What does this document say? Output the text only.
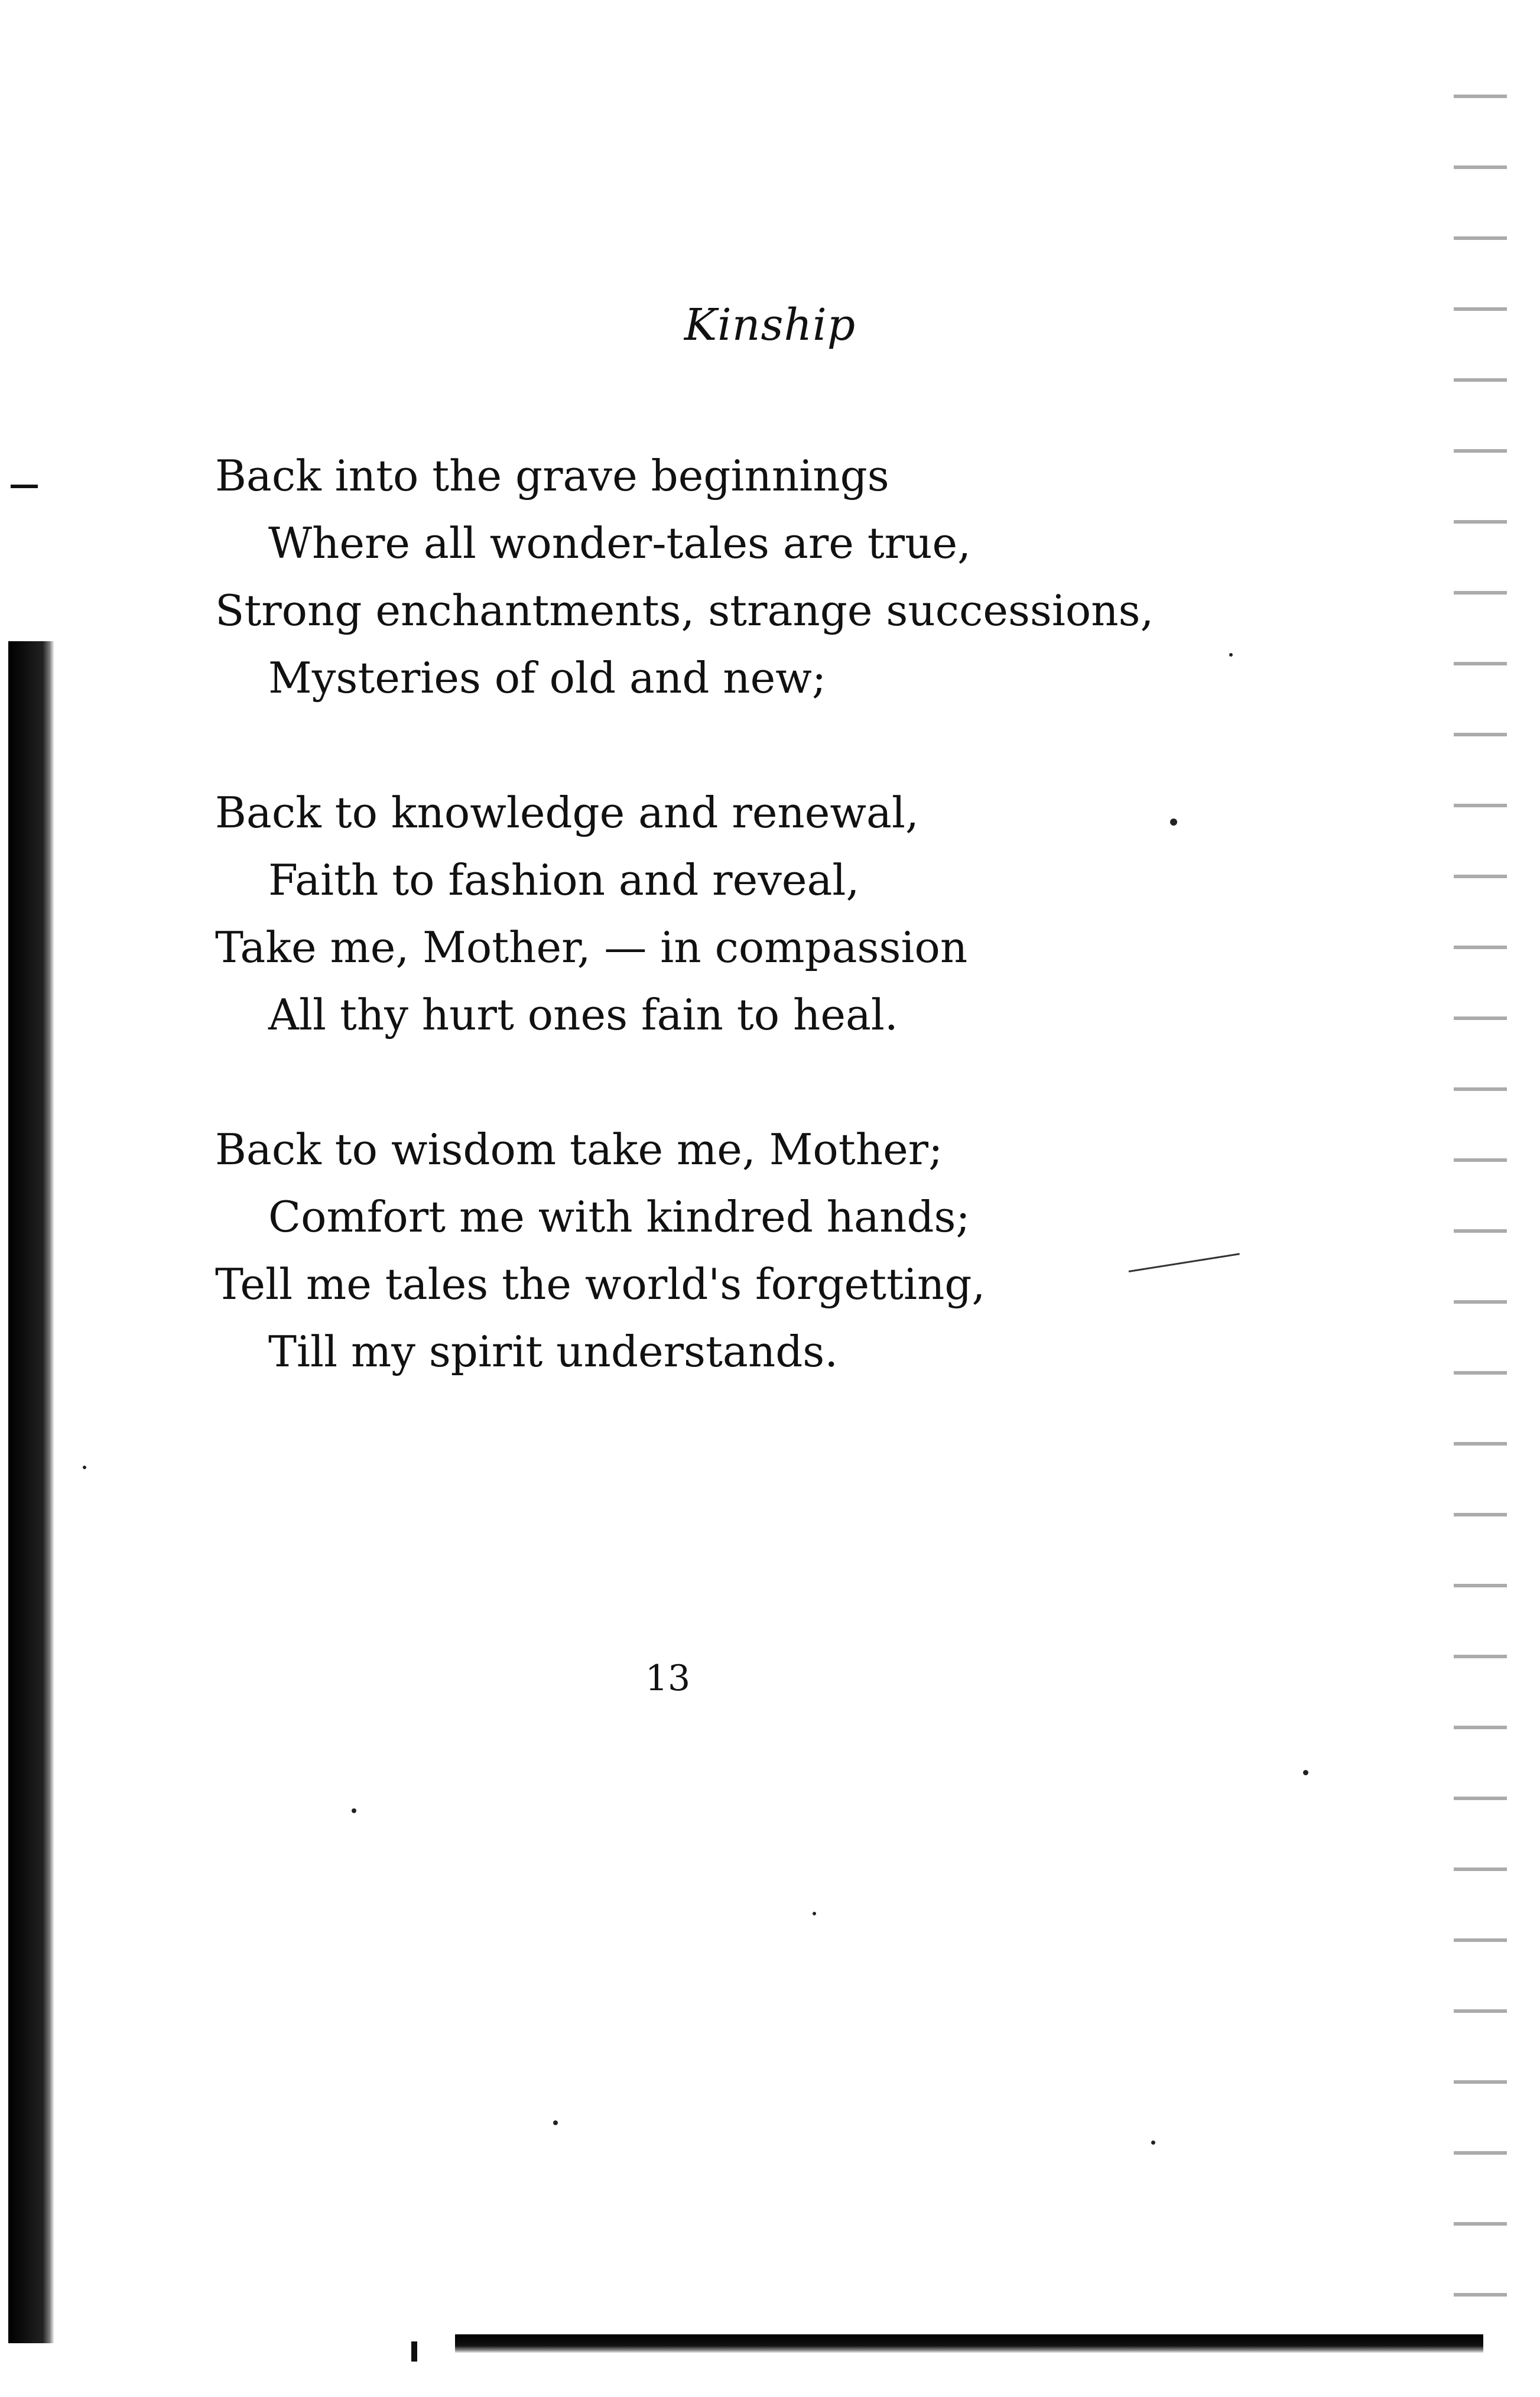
Kinship
Back into the grave beginnings
Where all wonder-tales are true,
Strong enchantments, strange successions,
Mysteries of old and new;
Back to knowledge and renewal,
Faith to fashion and reveal,
Take me, Mother, — in compassion
All thy hurt ones fain to heal.
Back to wisdom take me, Mother;
Comfort me with kindred hands;
Tell me tales the world's forgetting,
Till my spirit understands.
13
